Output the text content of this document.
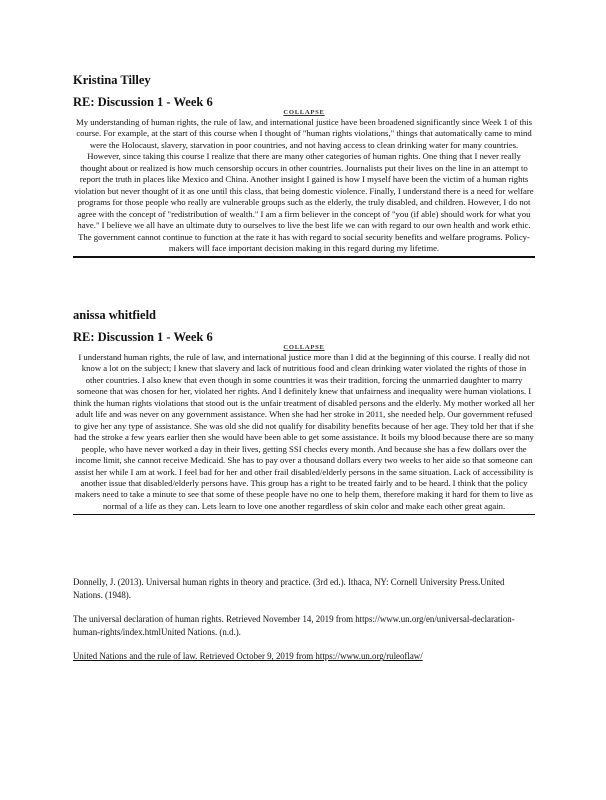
Kristina Tilley
RE: Discussion 1 - Week 6
COLLAPSE

My understanding of human rights, the rule of law, and international justice have been broadened significantly since Week 1 of this course. For example, at the start of this course when I thought of "human rights violations," things that automatically came to mind were the Holocaust, slavery, starvation in poor countries, and not having access to clean drinking water for many countries. However, since taking this course I realize that there are many other categories of human rights. One thing that I never really thought about or realized is how much censorship occurs in other countries. Journalists put their lives on the line in an attempt to report the truth in places like Mexico and China. Another insight I gained is how I myself have been the victim of a human rights violation but never thought of it as one until this class, that being domestic violence. Finally, I understand there is a need for welfare programs for those people who really are vulnerable groups such as the elderly, the truly disabled, and children. However, I do not agree with the concept of "redistribution of wealth." I am a firm believer in the concept of "you (if able) should work for what you have." I believe we all have an ultimate duty to ourselves to live the best life we can with regard to our own health and work ethic. The government cannot continue to function at the rate it has with regard to social security benefits and welfare programs. Policy-makers will face important decision making in this regard during my lifetime.

anissa whitfield
RE: Discussion 1 - Week 6
COLLAPSE

I understand human rights, the rule of law, and international justice more than I did at the beginning of this course. I really did not know a lot on the subject; I knew that slavery and lack of nutritious food and clean drinking water violated the rights of those in other countries. I also knew that even though in some countries it was their tradition, forcing the unmarried daughter to marry someone that was chosen for her, violated her rights. And I definitely knew that unfairness and inequality were human violations. I think the human rights violations that stood out is the unfair treatment of disabled persons and the elderly. My mother worked all her adult life and was never on any government assistance. When she had her stroke in 2011, she needed help. Our government refused to give her any type of assistance. She was old she did not qualify for disability benefits because of her age. They told her that if she had the stroke a few years earlier then she would have been able to get some assistance. It boils my blood because there are so many people, who have never worked a day in their lives, getting SSI checks every month. And because she has a few dollars over the income limit, she cannot receive Medicaid. She has to pay over a thousand dollars every two weeks to her aide so that someone can assist her while I am at work. I feel bad for her and other frail disabled/elderly persons in the same situation. Lack of accessibility is another issue that disabled/elderly persons have. This group has a right to be treated fairly and to be heard. I think that the policy makers need to take a minute to see that some of these people have no one to help them, therefore making it hard for them to live as normal of a life as they can. Lets learn to love one another regardless of skin color and make each other great again.

Donnelly, J. (2013). Universal human rights in theory and practice. (3rd ed.). Ithaca, NY: Cornell University Press.United Nations. (1948).

The universal declaration of human rights. Retrieved November 14, 2019 from https://www.un.org/en/universal-declaration-human-rights/index.htmlUnited Nations. (n.d.).

United Nations and the rule of law. Retrieved October 9, 2019 from https://www.un.org/ruleoflaw/
